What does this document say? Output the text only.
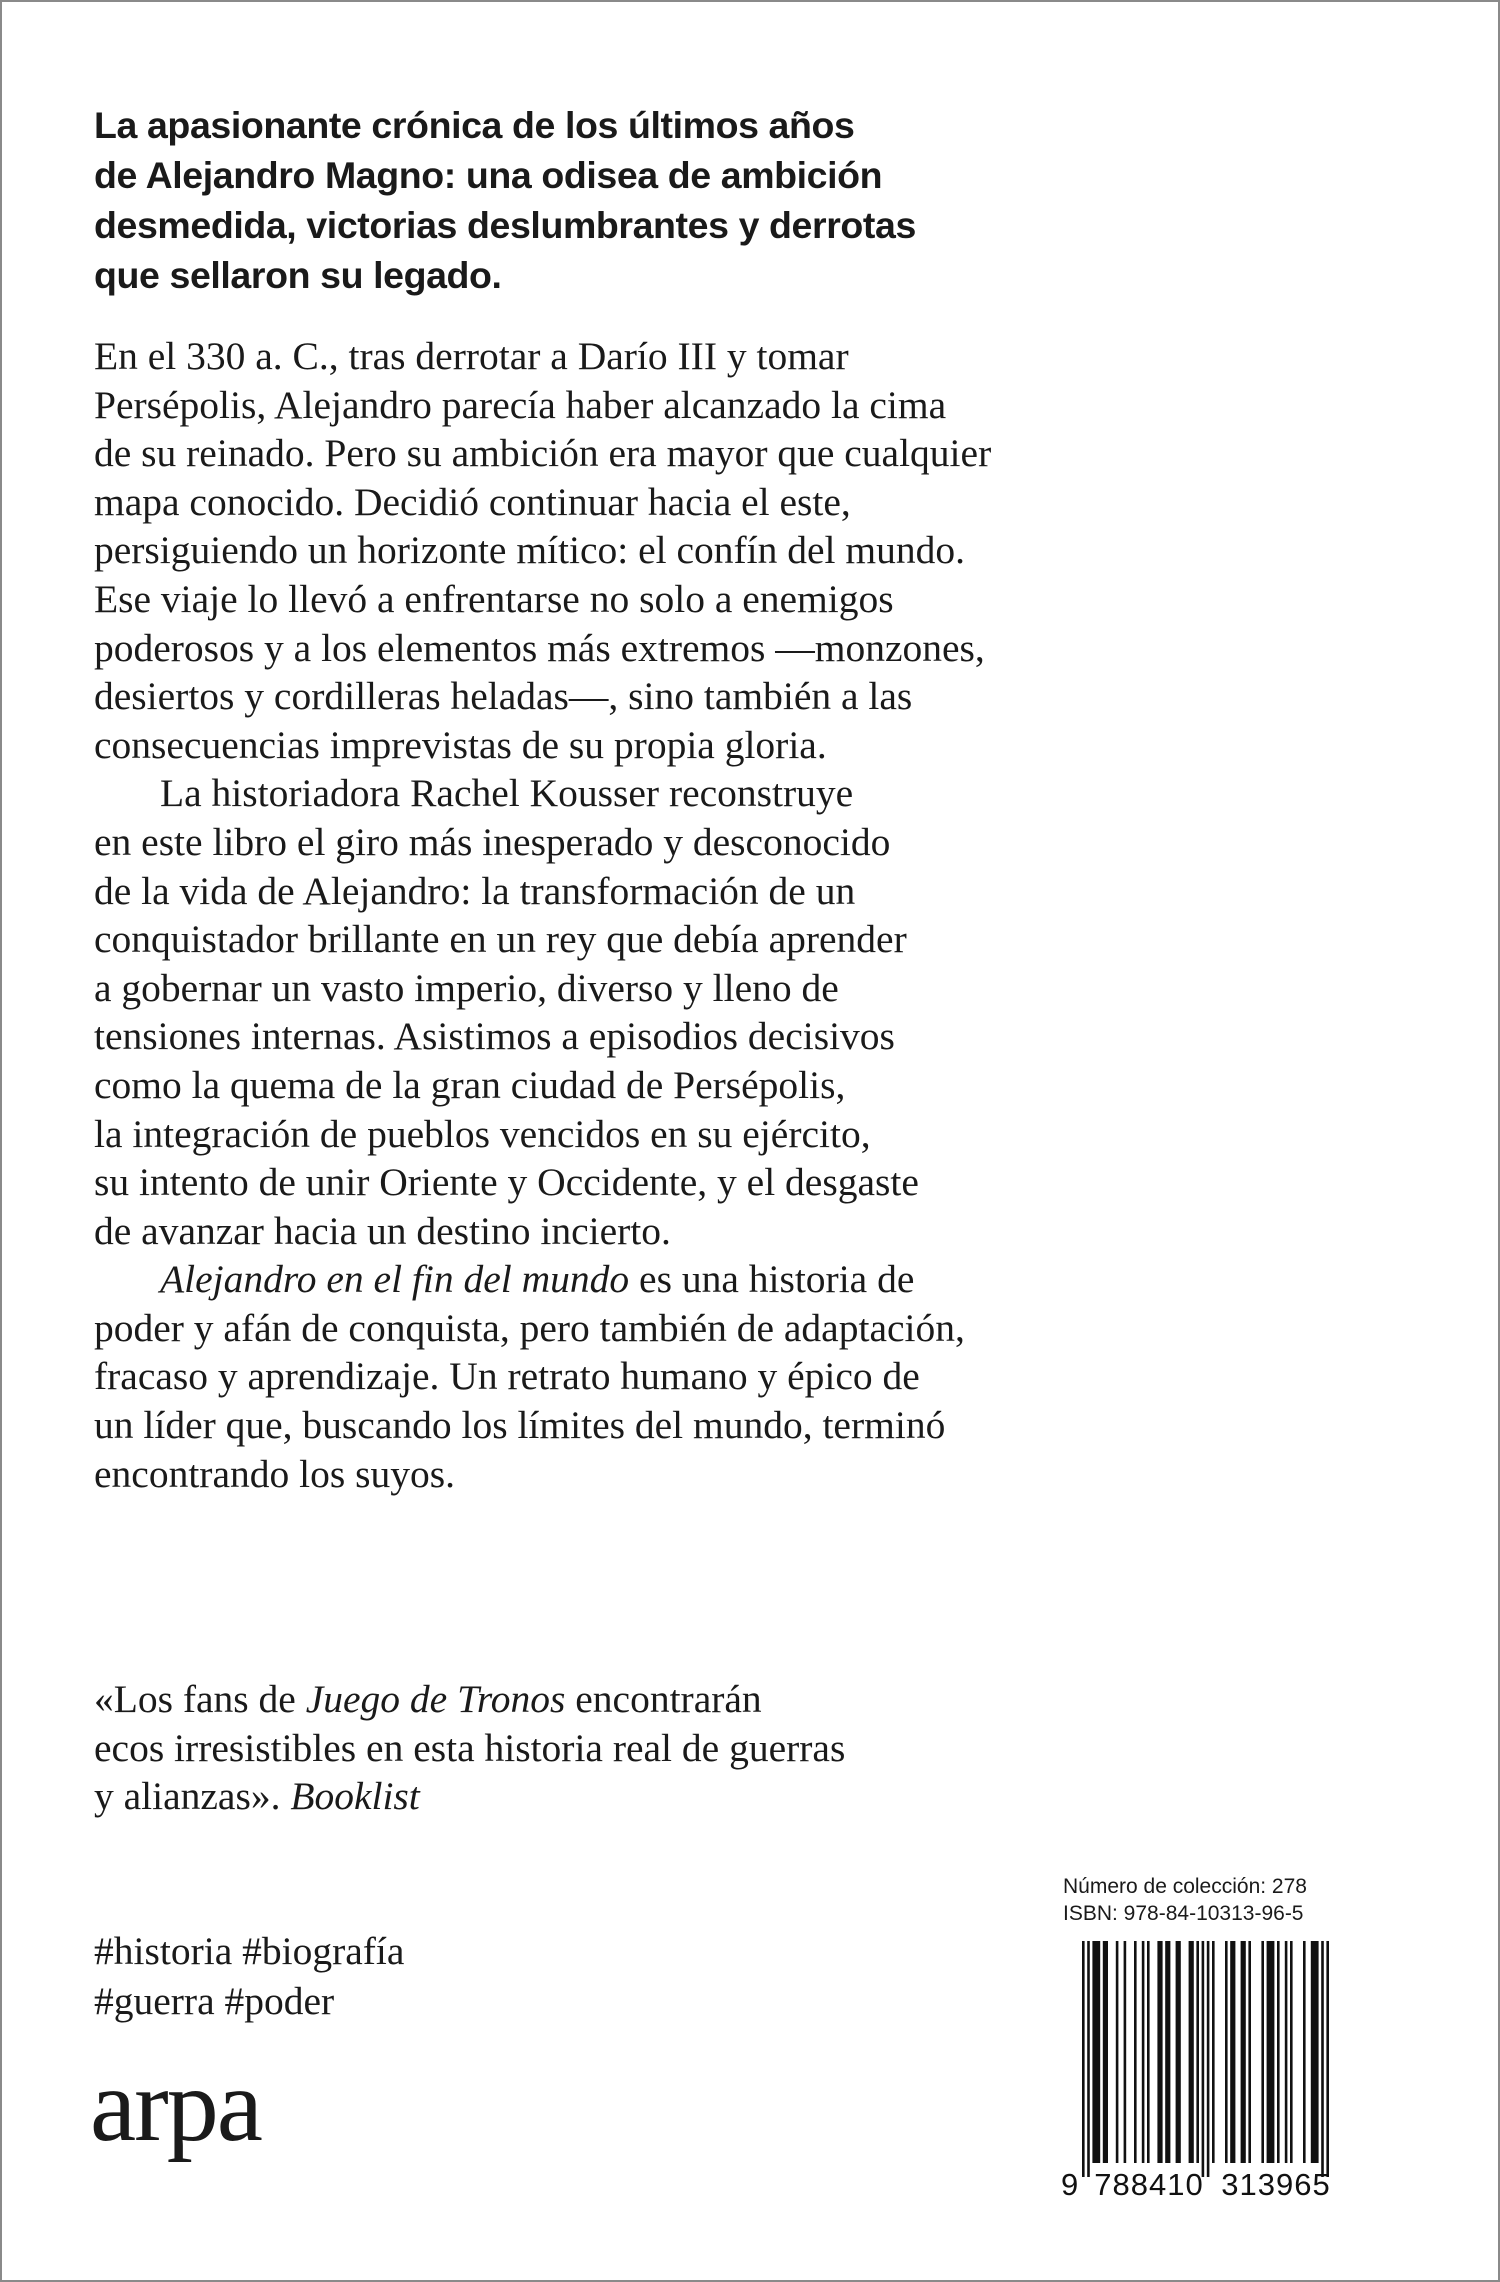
La apasionante crónica de los últimos años
de Alejandro Magno: una odisea de ambición
desmedida, victorias deslumbrantes y derrotas
que sellaron su legado.
En el 330 a. C., tras derrotar a Darío III y tomar
Persépolis, Alejandro parecía haber alcanzado la cima
de su reinado. Pero su ambición era mayor que cualquier
mapa conocido. Decidió continuar hacia el este,
persiguiendo un horizonte mítico: el confín del mundo.
Ese viaje lo llevó a enfrentarse no solo a enemigos
poderosos y a los elementos más extremos —monzones,
desiertos y cordilleras heladas—, sino también a las
consecuencias imprevistas de su propia gloria.
La historiadora Rachel Kousser reconstruye
en este libro el giro más inesperado y desconocido
de la vida de Alejandro: la transformación de un
conquistador brillante en un rey que debía aprender
a gobernar un vasto imperio, diverso y lleno de
tensiones internas. Asistimos a episodios decisivos
como la quema de la gran ciudad de Persépolis,
la integración de pueblos vencidos en su ejército,
su intento de unir Oriente y Occidente, y el desgaste
de avanzar hacia un destino incierto.
Alejandro en el fin del mundo es una historia de
poder y afán de conquista, pero también de adaptación,
fracaso y aprendizaje. Un retrato humano y épico de
un líder que, buscando los límites del mundo, terminó
encontrando los suyos.
«Los fans de Juego de Tronos encontrarán
ecos irresistibles en esta historia real de guerras
y alianzas». Booklist
#historia #biografía
#guerra #poder
arpa
Número de colección: 278
ISBN: 978-84-10313-96-5
9 788410 313965
